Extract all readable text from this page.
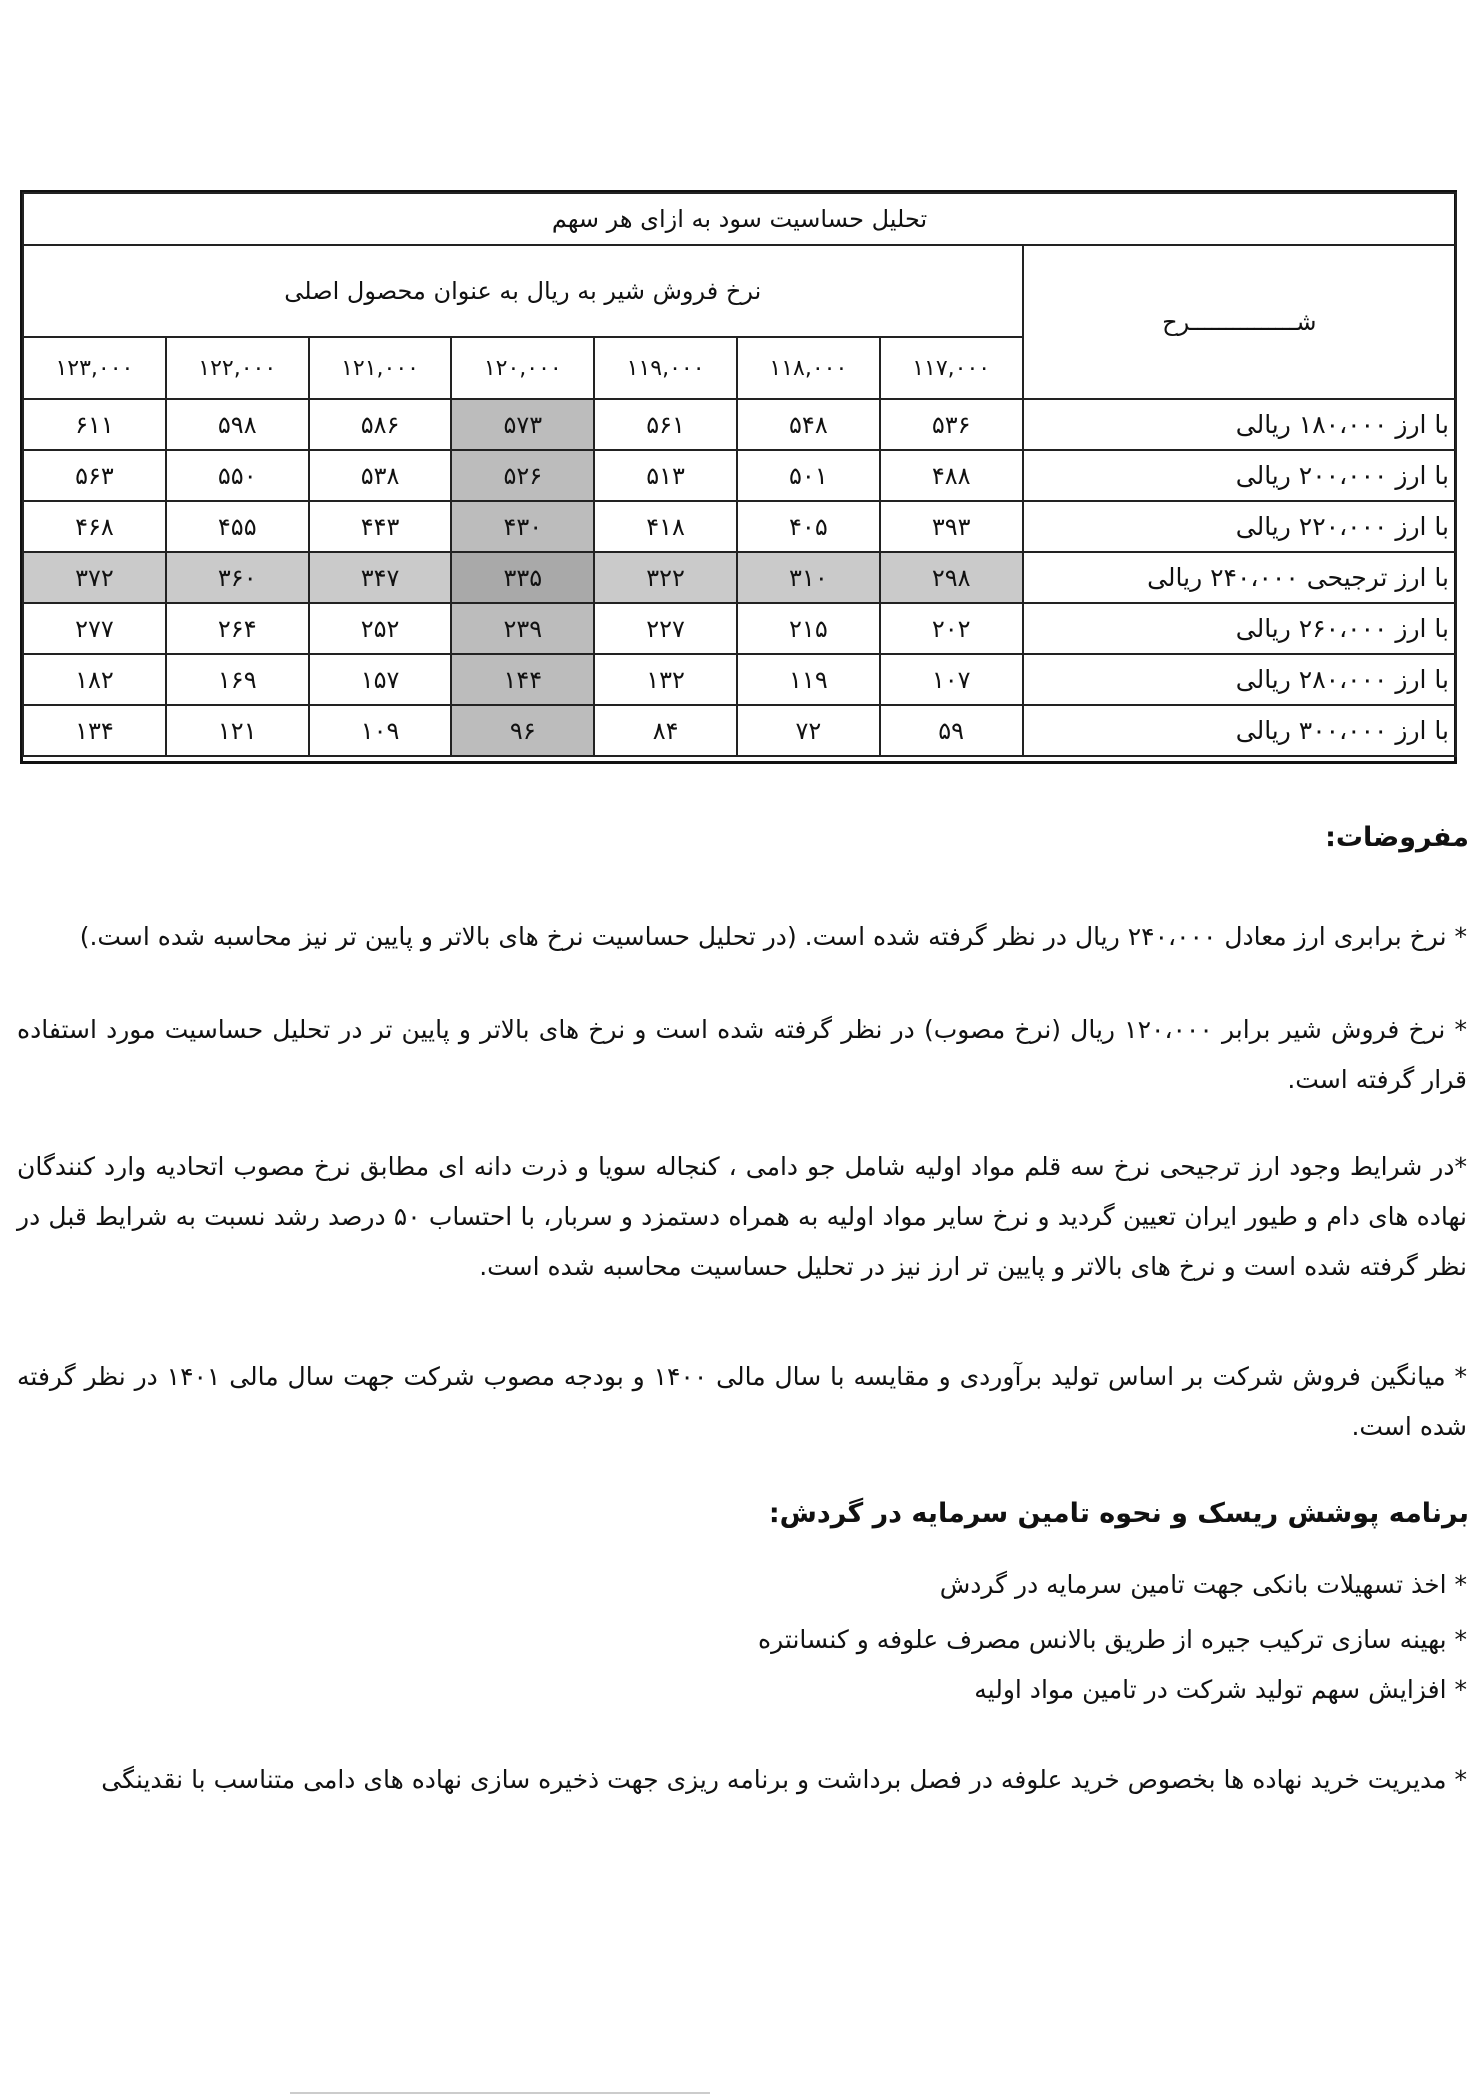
تحلیل حساسیت سود به ازای هر سهم							
شـــــــــــــــرح	نرخ فروش شیر به ریال به عنوان محصول اصلی						
	۱۱۷,۰۰۰	۱۱۸,۰۰۰	۱۱۹,۰۰۰	۱۲۰,۰۰۰	۱۲۱,۰۰۰	۱۲۲,۰۰۰	۱۲۳,۰۰۰
با ارز ۱۸۰،۰۰۰ ریالی	۵۳۶	۵۴۸	۵۶۱	۵۷۳	۵۸۶	۵۹۸	۶۱۱
با ارز ۲۰۰،۰۰۰ ریالی	۴۸۸	۵۰۱	۵۱۳	۵۲۶	۵۳۸	۵۵۰	۵۶۳
با ارز ۲۲۰،۰۰۰ ریالی	۳۹۳	۴۰۵	۴۱۸	۴۳۰	۴۴۳	۴۵۵	۴۶۸
با ارز ترجیحی ۲۴۰،۰۰۰ ریالی	۲۹۸	۳۱۰	۳۲۲	۳۳۵	۳۴۷	۳۶۰	۳۷۲
با ارز ۲۶۰،۰۰۰ ریالی	۲۰۲	۲۱۵	۲۲۷	۲۳۹	۲۵۲	۲۶۴	۲۷۷
با ارز ۲۸۰،۰۰۰ ریالی	۱۰۷	۱۱۹	۱۳۲	۱۴۴	۱۵۷	۱۶۹	۱۸۲
با ارز ۳۰۰،۰۰۰ ریالی	۵۹	۷۲	۸۴	۹۶	۱۰۹	۱۲۱	۱۳۴
مفروضات:
* نرخ برابری ارز معادل ۲۴۰،۰۰۰ ریال در نظر گرفته شده است. (در تحلیل حساسیت نرخ های بالاتر و پایین تر نیز محاسبه شده است.)
* نرخ فروش شیر برابر ۱۲۰،۰۰۰ ریال (نرخ مصوب) در نظر گرفته شده است و نرخ های بالاتر و پایین تر در تحلیل حساسیت مورد استفاده قرار گرفته است.
*در شرایط وجود ارز ترجیحی نرخ سه قلم مواد اولیه شامل جو دامی ، کنجاله سویا و ذرت دانه ای مطابق نرخ مصوب اتحادیه وارد کنندگان نهاده های دام و طیور ایران تعیین گردید و نرخ سایر مواد اولیه به همراه دستمزد و سربار، با احتساب ۵۰ درصد رشد نسبت به شرایط قبل در نظر گرفته شده است و نرخ های بالاتر و پایین تر ارز نیز در تحلیل حساسیت محاسبه شده است.
* میانگین فروش شرکت بر اساس تولید برآوردی و مقایسه با سال مالی ۱۴۰۰ و بودجه مصوب شرکت جهت سال مالی ۱۴۰۱ در نظر گرفته شده است.
برنامه پوشش ریسک و نحوه تامین سرمایه در گردش:
* اخذ تسهیلات بانکی جهت تامین سرمایه در گردش
* بهینه سازی ترکیب جیره از طریق بالانس مصرف علوفه و کنسانتره
* افزایش سهم تولید شرکت در تامین مواد اولیه
* مدیریت خرید نهاده ها بخصوص خرید علوفه در فصل برداشت و برنامه ریزی جهت ذخیره سازی نهاده های دامی متناسب با نقدینگی
